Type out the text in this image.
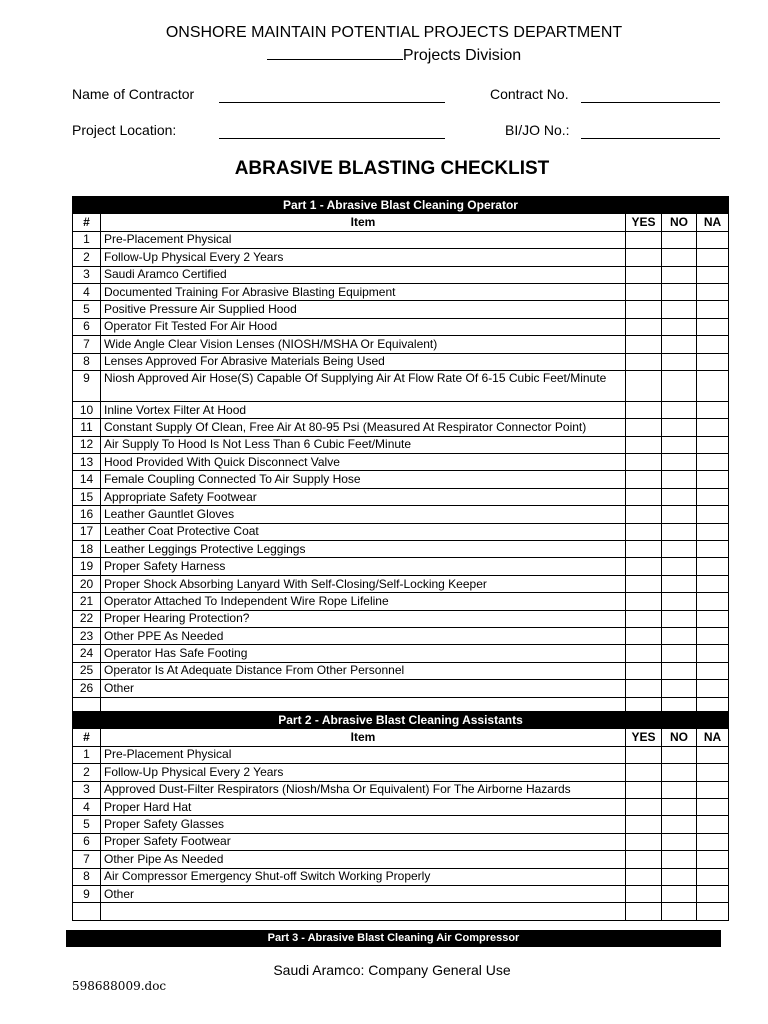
ONSHORE MAINTAIN POTENTIAL PROJECTS DEPARTMENT
Projects Division
Name of Contractor	Contract No.
Project Location:	BI/JO No.:
ABRASIVE BLASTING CHECKLIST
Part 1 - Abrasive Blast Cleaning Operator				
#	Item	YES	NO	NA
1	Pre-Placement Physical			
2	Follow-Up Physical Every 2 Years			
3	Saudi Aramco Certified			
4	Documented Training For Abrasive Blasting Equipment			
5	Positive Pressure Air Supplied Hood			
6	Operator Fit Tested For Air Hood			
7	Wide Angle Clear Vision Lenses (NIOSH/MSHA Or Equivalent)			
8	Lenses Approved For Abrasive Materials Being Used			
9	Niosh Approved Air Hose(S) Capable Of Supplying Air At Flow Rate Of 6-15 Cubic Feet/Minute			
10	Inline Vortex Filter At Hood			
11	Constant Supply Of Clean, Free Air At 80-95 Psi (Measured At Respirator Connector Point)			
12	Air Supply To Hood Is Not Less Than 6 Cubic Feet/Minute			
13	Hood Provided With Quick Disconnect Valve			
14	Female Coupling Connected To Air Supply Hose			
15	Appropriate Safety Footwear			
16	Leather Gauntlet Gloves			
17	Leather Coat Protective Coat			
18	Leather Leggings Protective Leggings			
19	Proper Safety Harness			
20	Proper Shock Absorbing Lanyard With Self-Closing/Self-Locking Keeper			
21	Operator Attached To Independent Wire Rope Lifeline			
22	Proper Hearing Protection?			
23	Other PPE As Needed			
24	Operator Has Safe Footing			
25	Operator Is At Adequate Distance From Other Personnel			
26	Other			

Part 2 - Abrasive Blast Cleaning Assistants				
#	Item	YES	NO	NA
1	Pre-Placement Physical			
2	Follow-Up Physical Every 2 Years			
3	Approved Dust-Filter Respirators (Niosh/Msha Or Equivalent) For The Airborne Hazards			
4	Proper Hard Hat			
5	Proper Safety Glasses			
6	Proper Safety Footwear			
7	Other Pipe As Needed			
8	Air Compressor Emergency Shut-off Switch Working Properly			
9	Other			

Part 3 - Abrasive Blast Cleaning Air Compressor
Saudi Aramco: Company General Use
598688009.doc
